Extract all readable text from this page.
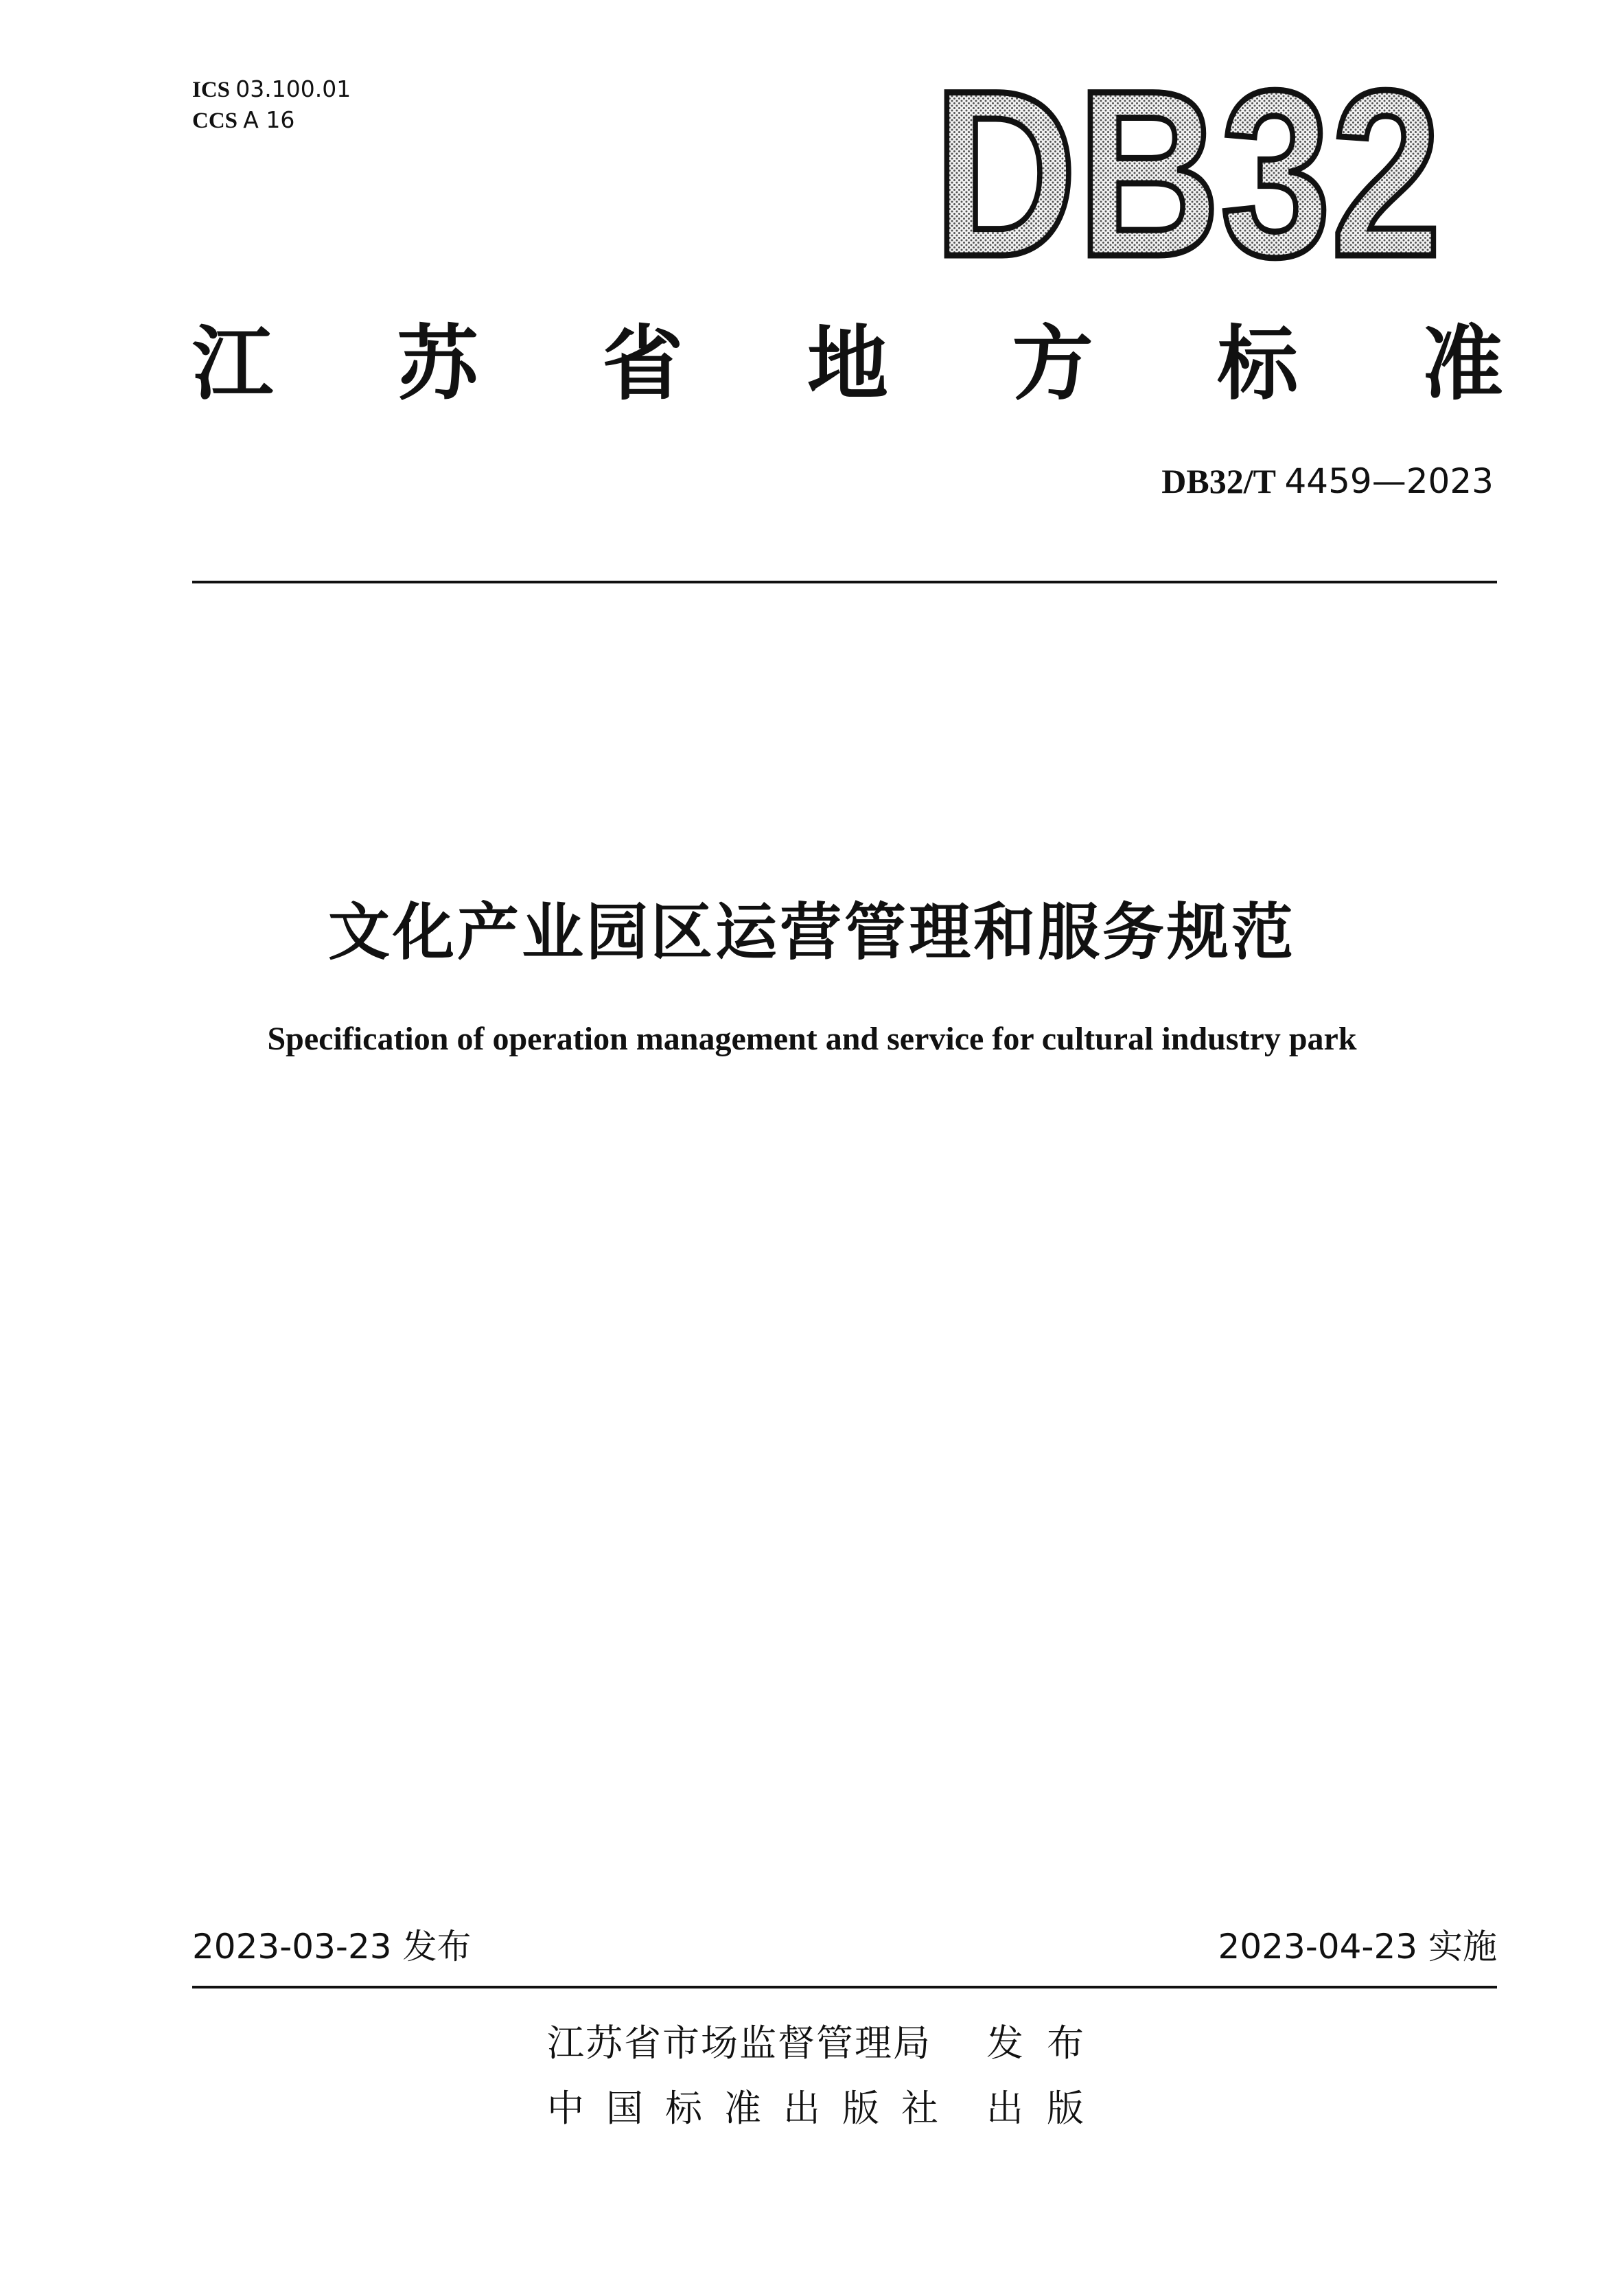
ICS 03.100.01
CCS A 16	DB32
江 苏 省 地 方 标 准
DB32/T 4459—2023
文化产业园区运营管理和服务规范
Specification of operation management and service for cultural industry park
2023-03-23 发布	2023-04-23 实施
江苏省市场监督管理局	发布
中国标准出版社 出版
